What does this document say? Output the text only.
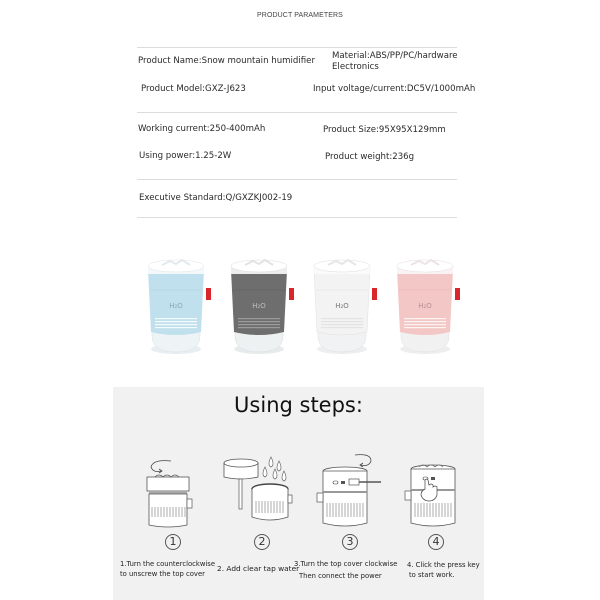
PRODUCT PARAMETERS
Product Name:Snow mountain humidifier Material:ABS/PP/PC/hardware
Electronics
Product Model:GXZ-J623	Input voltage/current:DC5V/1000mAh
Working current:250-400mAh	Product Size:95X95X129mm
Using power:1.25-2W	Product weight:236g
Executive Standard:Q/GXZKJ002-19
H₂O	H₂O	H₂O	H₂O
Using steps:
1
1.Turn the counterclockwise
to unscrew the top cover
2
2. Add clear tap water
3
3.Turn the top cover clockwise
Then connect the power
4
4. Click the press key
to start work.
